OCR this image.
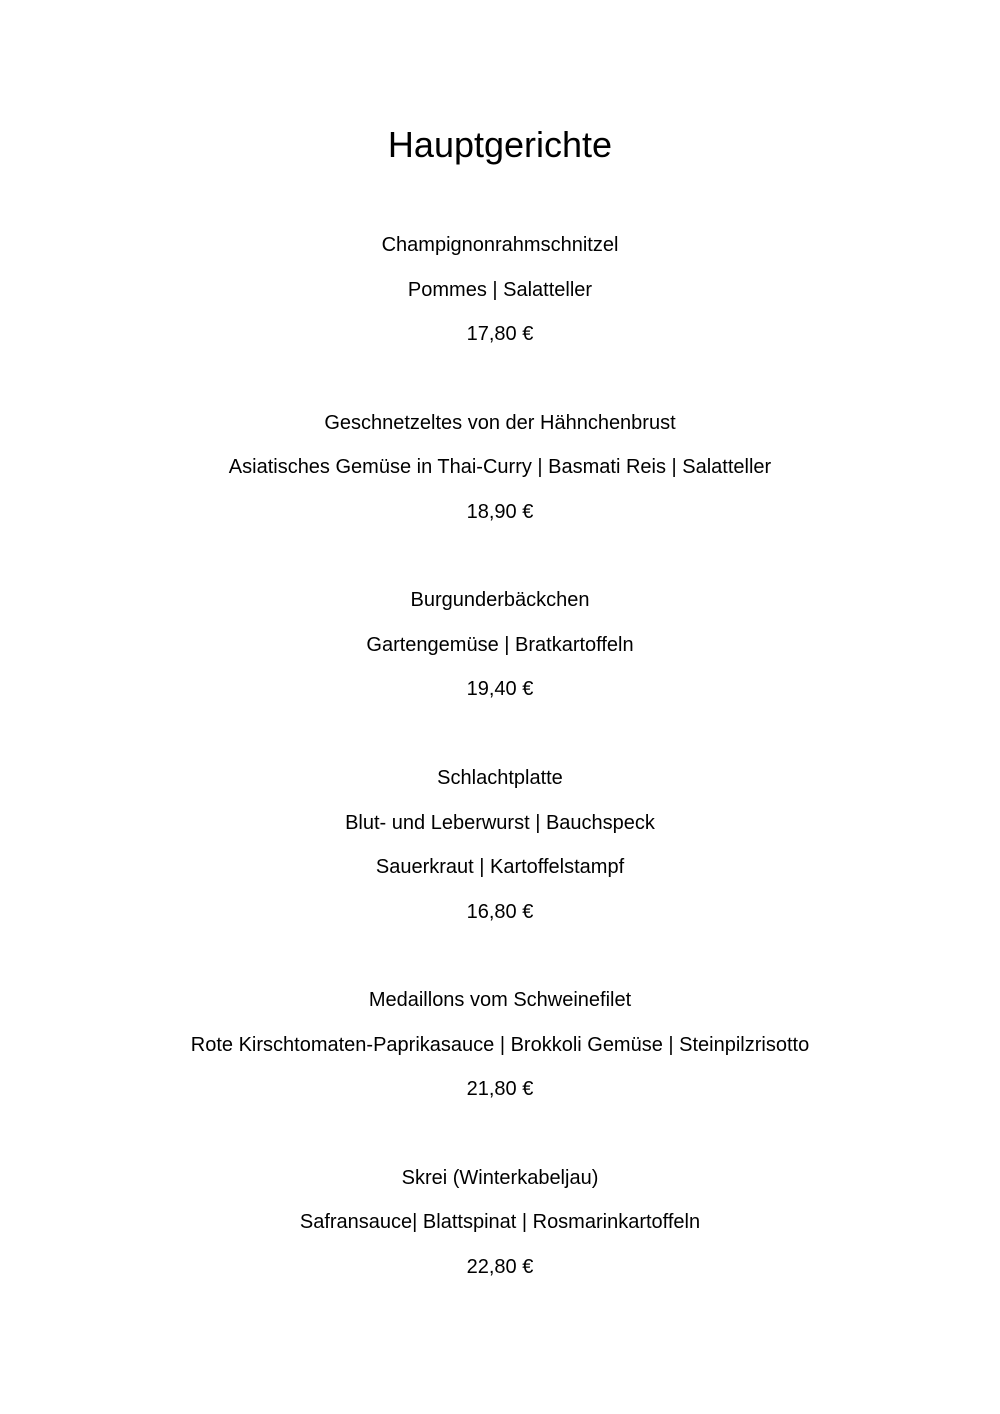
Hauptgerichte
Champignonrahmschnitzel
Pommes | Salatteller
17,80 €
Geschnetzeltes von der Hähnchenbrust
Asiatisches Gemüse in Thai-Curry | Basmati Reis | Salatteller
18,90 €
Burgunderbäckchen
Gartengemüse | Bratkartoffeln
19,40 €
Schlachtplatte
Blut- und Leberwurst | Bauchspeck
Sauerkraut | Kartoffelstampf
16,80 €
Medaillons vom Schweinefilet
Rote Kirschtomaten-Paprikasauce | Brokkoli Gemüse | Steinpilzrisotto
21,80 €
Skrei (Winterkabeljau)
Safransauce| Blattspinat | Rosmarinkartoffeln
22,80 €
